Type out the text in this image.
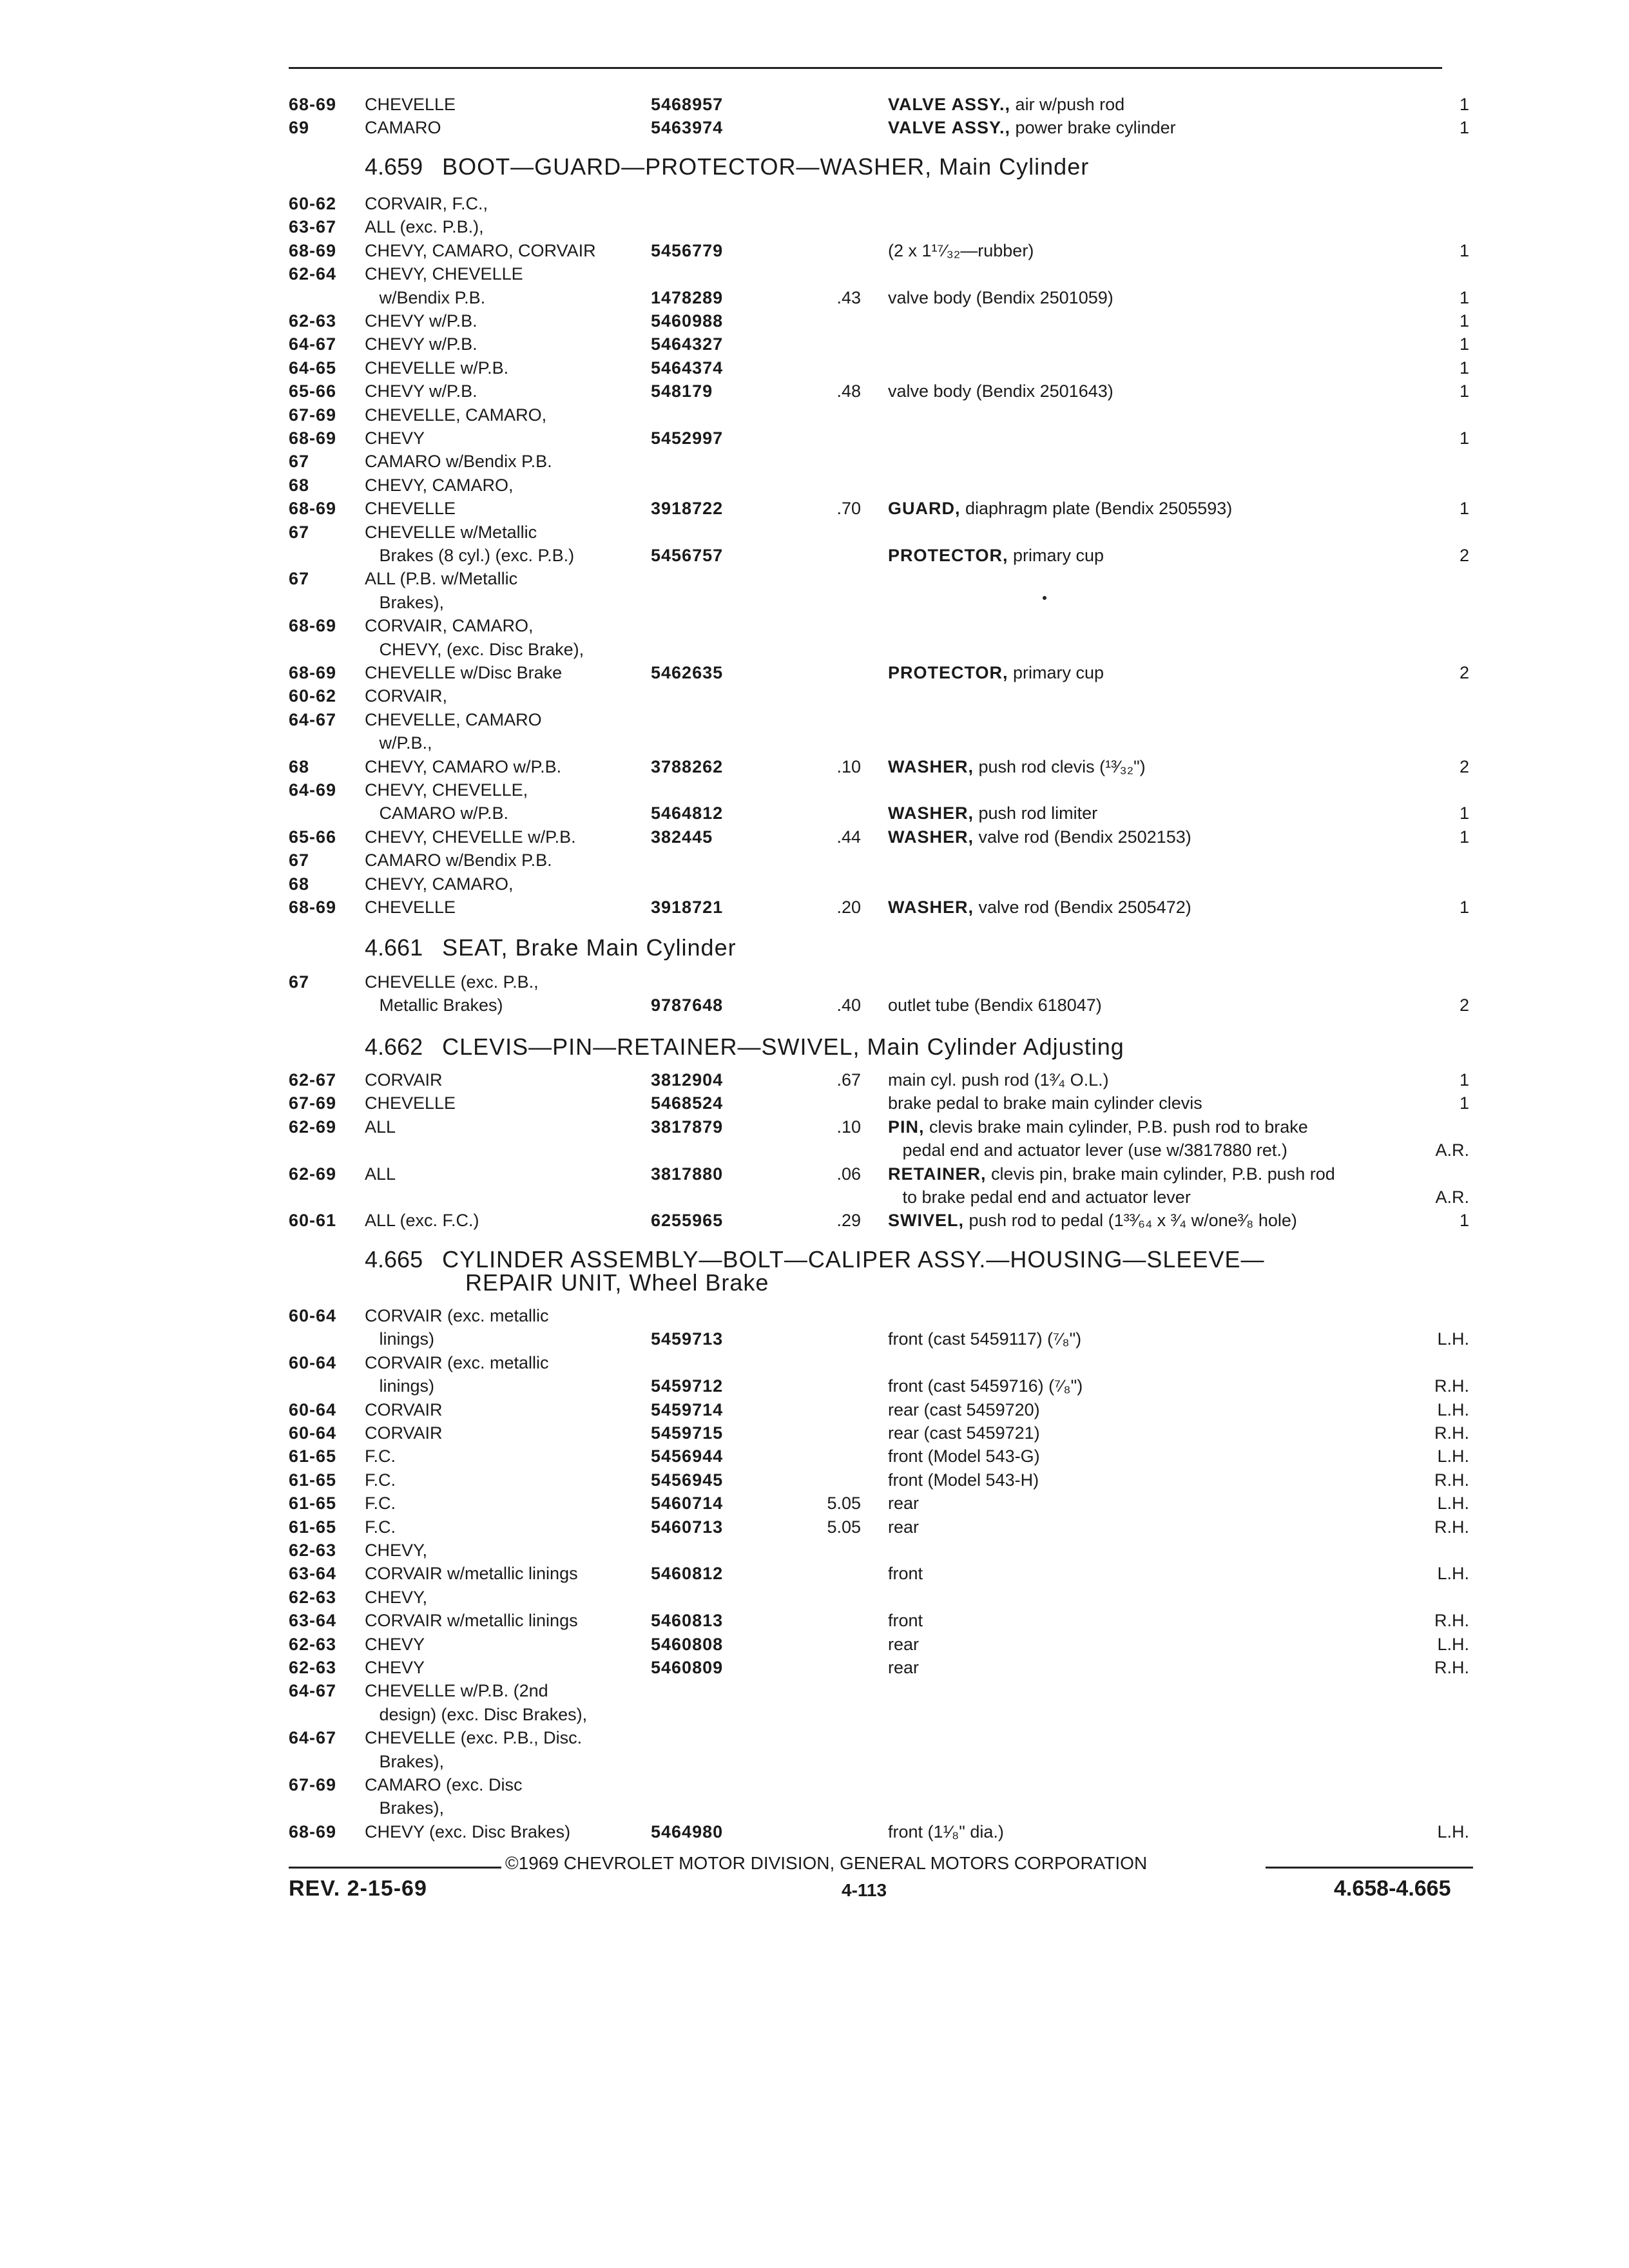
68-69 CHEVELLE	5468957	VALVE ASSY., air w/push rod	1
69	CAMARO	5463974	VALVE ASSY., power brake cylinder	1
4.659 BOOT—GUARD—PROTECTOR—WASHER, Main Cylinder
60-62 CORVAIR, F.C.,
63-67 ALL (exc. P.B.),
68-69 CHEVY, CAMARO, CORVAIR	5456779	(2 x 1¹⁷⁄₃₂—rubber)	1
62-64 CHEVY, CHEVELLE
w/Bendix P.B.	1478289	.43 valve body (Bendix 2501059)	1
62-63 CHEVY w/P.B.	5460988	1
64-67 CHEVY w/P.B.	5464327	1
64-65 CHEVELLE w/P.B.	5464374	1
65-66 CHEVY w/P.B.	548179	.48 valve body (Bendix 2501643)	1
67-69 CHEVELLE, CAMARO,
68-69 CHEVY	5452997	1
67	CAMARO w/Bendix P.B.
68	CHEVY, CAMARO,
68-69 CHEVELLE	3918722	.70 GUARD, diaphragm plate (Bendix 2505593)	1
67	CHEVELLE w/Metallic
Brakes (8 cyl.) (exc. P.B.)	5456757	PROTECTOR, primary cup	2
67	ALL (P.B. w/Metallic
Brakes),
68-69 CORVAIR, CAMARO,
CHEVY, (exc. Disc Brake),
68-69 CHEVELLE w/Disc Brake	5462635	PROTECTOR, primary cup	2
60-62 CORVAIR,
64-67 CHEVELLE, CAMARO
w/P.B.,
68	CHEVY, CAMARO w/P.B.	3788262	.10 WASHER, push rod clevis (¹³⁄₃₂")	2
64-69 CHEVY, CHEVELLE,
CAMARO w/P.B.	5464812	WASHER, push rod limiter	1
65-66 CHEVY, CHEVELLE w/P.B.	382445	.44 WASHER, valve rod (Bendix 2502153)	1
67	CAMARO w/Bendix P.B.
68	CHEVY, CAMARO,
68-69 CHEVELLE	3918721	.20 WASHER, valve rod (Bendix 2505472)	1
4.661 SEAT, Brake Main Cylinder
67	CHEVELLE (exc. P.B.,
Metallic Brakes)	9787648	.40 outlet tube (Bendix 618047)	2
4.662 CLEVIS—PIN—RETAINER—SWIVEL, Main Cylinder Adjusting
62-67 CORVAIR	3812904	.67 main cyl. push rod (1³⁄₄ O.L.)	1
67-69 CHEVELLE	5468524	brake pedal to brake main cylinder clevis	1
62-69 ALL	3817879	.10 PIN, clevis brake main cylinder, P.B. push rod to brake
pedal end and actuator lever (use w/3817880 ret.)	A.R.
62-69 ALL	3817880	.06 RETAINER, clevis pin, brake main cylinder, P.B. push rod
to brake pedal end and actuator lever	A.R.
60-61 ALL (exc. F.C.)	6255965	.29 SWIVEL, push rod to pedal (1³³⁄₆₄ x ³⁄₄ w/one³⁄₈ hole)	1
4.665 CYLINDER ASSEMBLY—BOLT—CALIPER ASSY.—HOUSING—SLEEVE—
REPAIR UNIT, Wheel Brake
60-64 CORVAIR (exc. metallic
linings)	5459713	front (cast 5459117) (⁷⁄₈")	L.H.
60-64 CORVAIR (exc. metallic
linings)	5459712	front (cast 5459716) (⁷⁄₈")	R.H.
60-64 CORVAIR	5459714	rear (cast 5459720)	L.H.
60-64 CORVAIR	5459715	rear (cast 5459721)	R.H.
61-65 F.C.	5456944	front (Model 543-G)	L.H.
61-65 F.C.	5456945	front (Model 543-H)	R.H.
61-65 F.C.	5460714	5.05 rear	L.H.
61-65 F.C.	5460713	5.05 rear	R.H.
62-63 CHEVY,
63-64 CORVAIR w/metallic linings	5460812	front	L.H.
62-63 CHEVY,
63-64 CORVAIR w/metallic linings	5460813	front	R.H.
62-63 CHEVY	5460808	rear	L.H.
62-63 CHEVY	5460809	rear	R.H.
64-67 CHEVELLE w/P.B. (2nd
design) (exc. Disc Brakes),
64-67 CHEVELLE (exc. P.B., Disc.
Brakes),
67-69 CAMARO (exc. Disc
Brakes),
68-69 CHEVY (exc. Disc Brakes)	5464980	front (1¹⁄₈" dia.)	L.H.
©1969 CHEVROLET MOTOR DIVISION, GENERAL MOTORS CORPORATION
REV. 2-15-69	4-113	4.658-4.665
